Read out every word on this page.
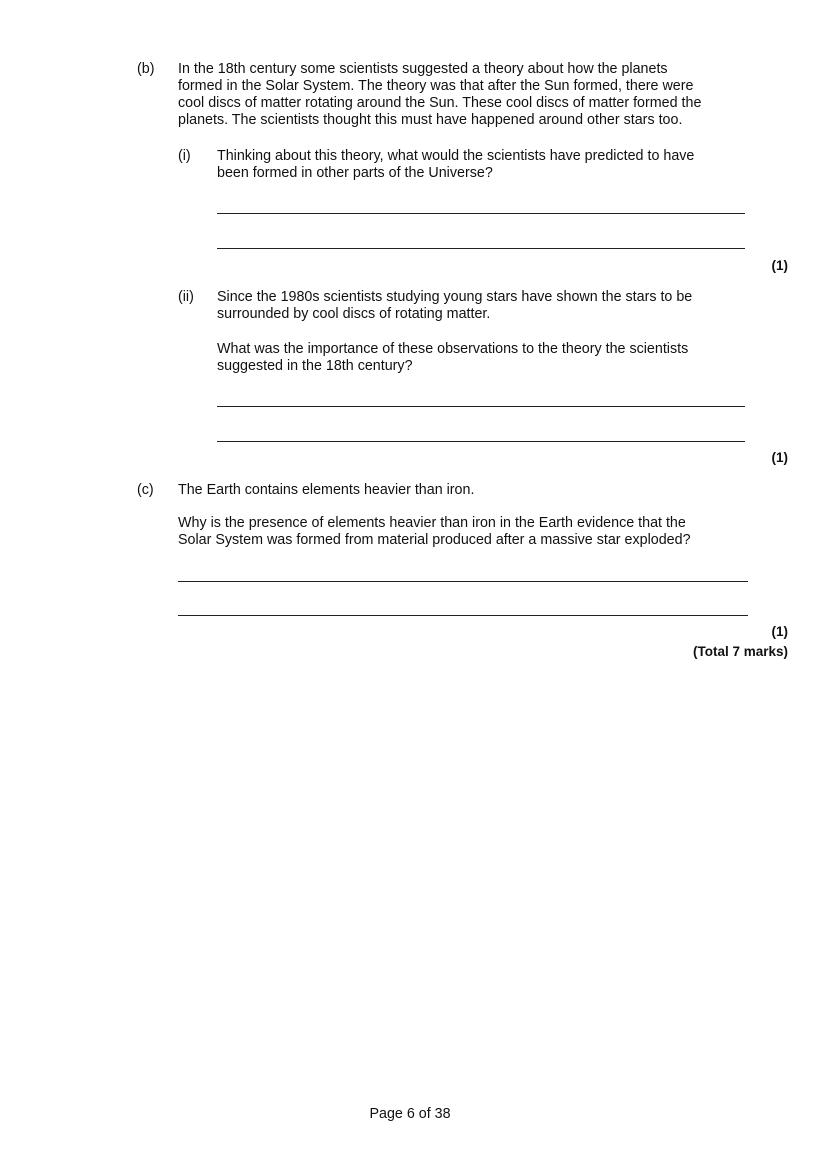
(b) In the 18th century some scientists suggested a theory about how the planets
formed in the Solar System. The theory was that after the Sun formed, there were
cool discs of matter rotating around the Sun. These cool discs of matter formed the
planets. The scientists thought this must have happened around other stars too.
(i) Thinking about this theory, what would the scientists have predicted to have
been formed in other parts of the Universe?
(1)
(ii) Since the 1980s scientists studying young stars have shown the stars to be
surrounded by cool discs of rotating matter.
What was the importance of these observations to the theory the scientists
suggested in the 18th century?
(1)
(c) The Earth contains elements heavier than iron.
Why is the presence of elements heavier than iron in the Earth evidence that the
Solar System was formed from material produced after a massive star exploded?
(1)
(Total 7 marks)
Page 6 of 38
